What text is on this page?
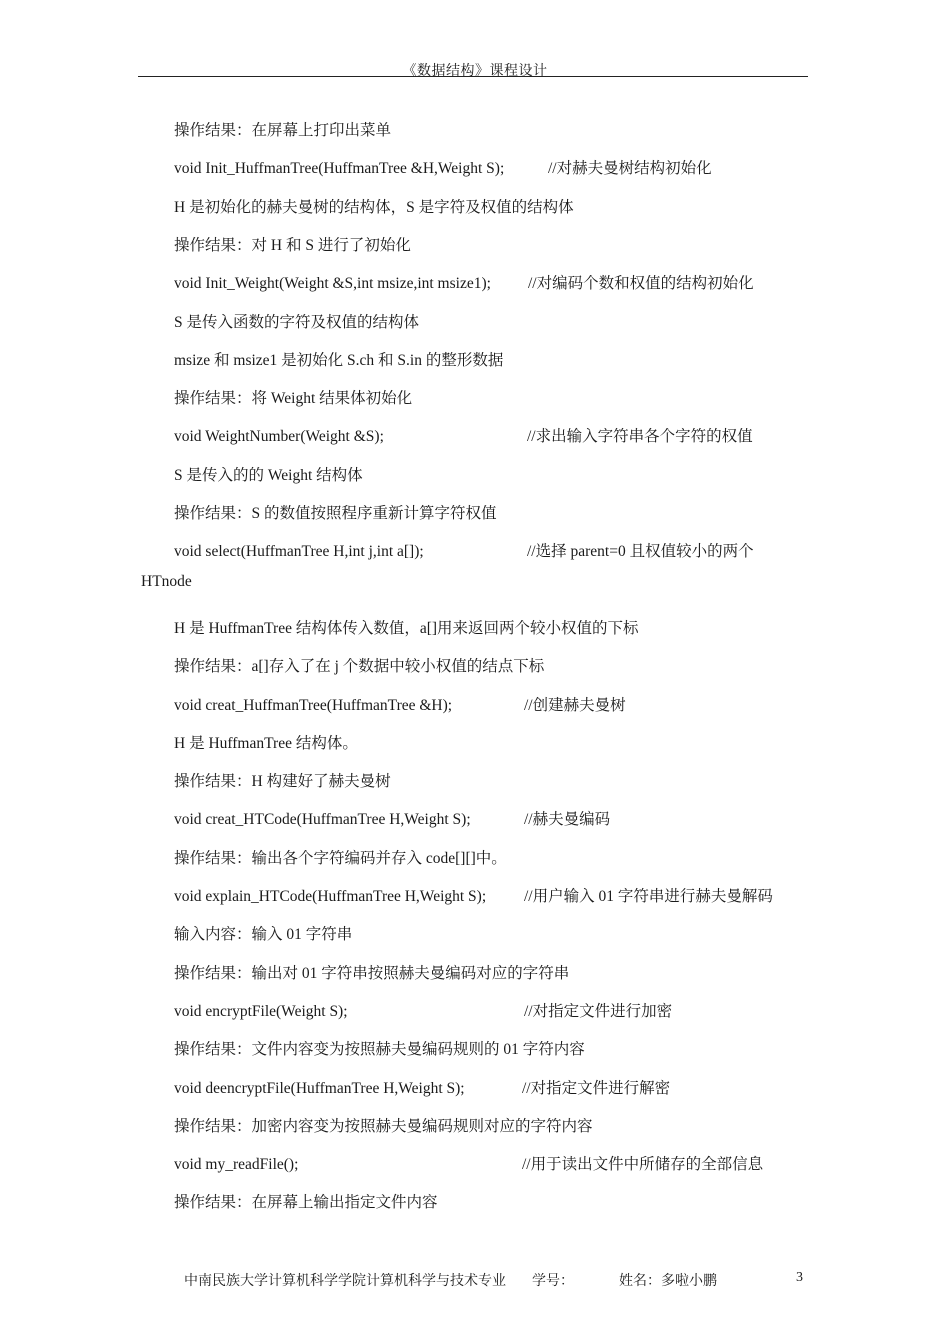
《数据结构》课程设计
操作结果：在屏幕上打印出菜单
void Init_HuffmanTree(HuffmanTree &H,Weight S);	//对赫夫曼树结构初始化
H 是初始化的赫夫曼树的结构体，S 是字符及权值的结构体
操作结果：对 H 和 S 进行了初始化
void Init_Weight(Weight &S,int msize,int msize1); //对编码个数和权值的结构初始化
S 是传入函数的字符及权值的结构体
msize 和 msize1 是初始化 S.ch 和 S.in 的整形数据
操作结果：将 Weight 结果体初始化
void WeightNumber(Weight &S);	//求出输入字符串各个字符的权值
S 是传入的的 Weight 结构体
操作结果：S 的数值按照程序重新计算字符权值
void select(HuffmanTree H,int j,int a[]);	//选择 parent=0 且权值较小的两个
HTnode
H 是 HuffmanTree 结构体传入数值，a[]用来返回两个较小权值的下标
操作结果：a[]存入了在 j 个数据中较小权值的结点下标
void creat_HuffmanTree(HuffmanTree &H);	//创建赫夫曼树
H 是 HuffmanTree 结构体。
操作结果：H 构建好了赫夫曼树
void creat_HTCode(HuffmanTree H,Weight S);	//赫夫曼编码
操作结果：输出各个字符编码并存入 code[][]中。
void explain_HTCode(HuffmanTree H,Weight S); //用户输入 01 字符串进行赫夫曼解码
输入内容：输入 01 字符串
操作结果：输出对 01 字符串按照赫夫曼编码对应的字符串
void encryptFile(Weight S);	//对指定文件进行加密
操作结果：文件内容变为按照赫夫曼编码规则的 01 字符内容
void deencryptFile(HuffmanTree H,Weight S);	//对指定文件进行解密
操作结果：加密内容变为按照赫夫曼编码规则对应的字符内容
void my_readFile();	//用于读出文件中所储存的全部信息
操作结果：在屏幕上输出指定文件内容
中南民族大学计算机科学学院计算机科学与技术专业 学号：	姓名：多啦小鹏	3
